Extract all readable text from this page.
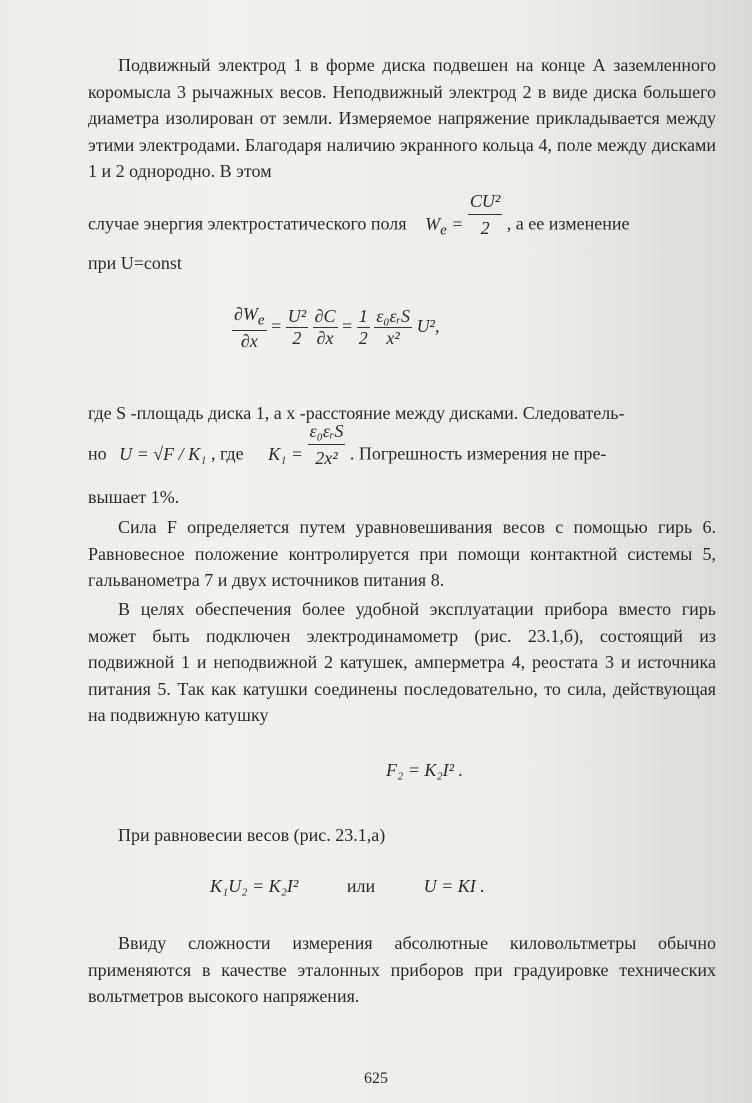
Подвижный электрод 1 в форме диска подвешен на конце А заземленного коромысла 3 рычажных весов. Неподвижный электрод 2 в виде диска большего диаметра изолирован от земли. Измеряемое напряжение прикладывается между этими электродами. Благодаря наличию экранного кольца 4, поле между дисками 1 и 2 однородно. В этом

случае энергия электростатического поля $W_e = \frac{\text{CU²}}{2}$ , а ее изменение
при U=const
$\frac{\partial W_e}{\partial x} = \frac{\text{U²}}{2}$
$\frac{\partial C}{\partial x} = \frac{1}{2}$
$\frac{\text{ε₀εᵣS}}{\text{x²}} U^2$,
где S -площадь диска 1, а x -расстояние между дисками. Следователь-
но U = √F / K₁ , где $K_1 = \frac{\text{ε₀εᵣS}}{\text{2x²}}$ . Погрешность измерения не пре-
вышает 1%.

Сила F определяется путем уравновешивания весов с помощью гирь 6. Равновесное положение контролируется при помощи контактной системы 5, гальванометра 7 и двух источников питания 8.

В целях обеспечения более удобной эксплуатации прибора вместо гирь может быть подключен электродинамометр (рис. 23.1,б), состоящий из подвижной 1 и неподвижной 2 катушек, амперметра 4, реостата 3 и источника питания 5. Так как катушки соединены последовательно, то сила, действующая на подвижную катушку

F₂ = K₂I² .

При равновесии весов (рис. 23.1,а)

K₁U₂ = K₂I²	или	U = KI .

Ввиду сложности измерения абсолютные киловольтметры обычно применяются в качестве эталонных приборов при градуировке технических вольтметров высокого напряжения.

625
